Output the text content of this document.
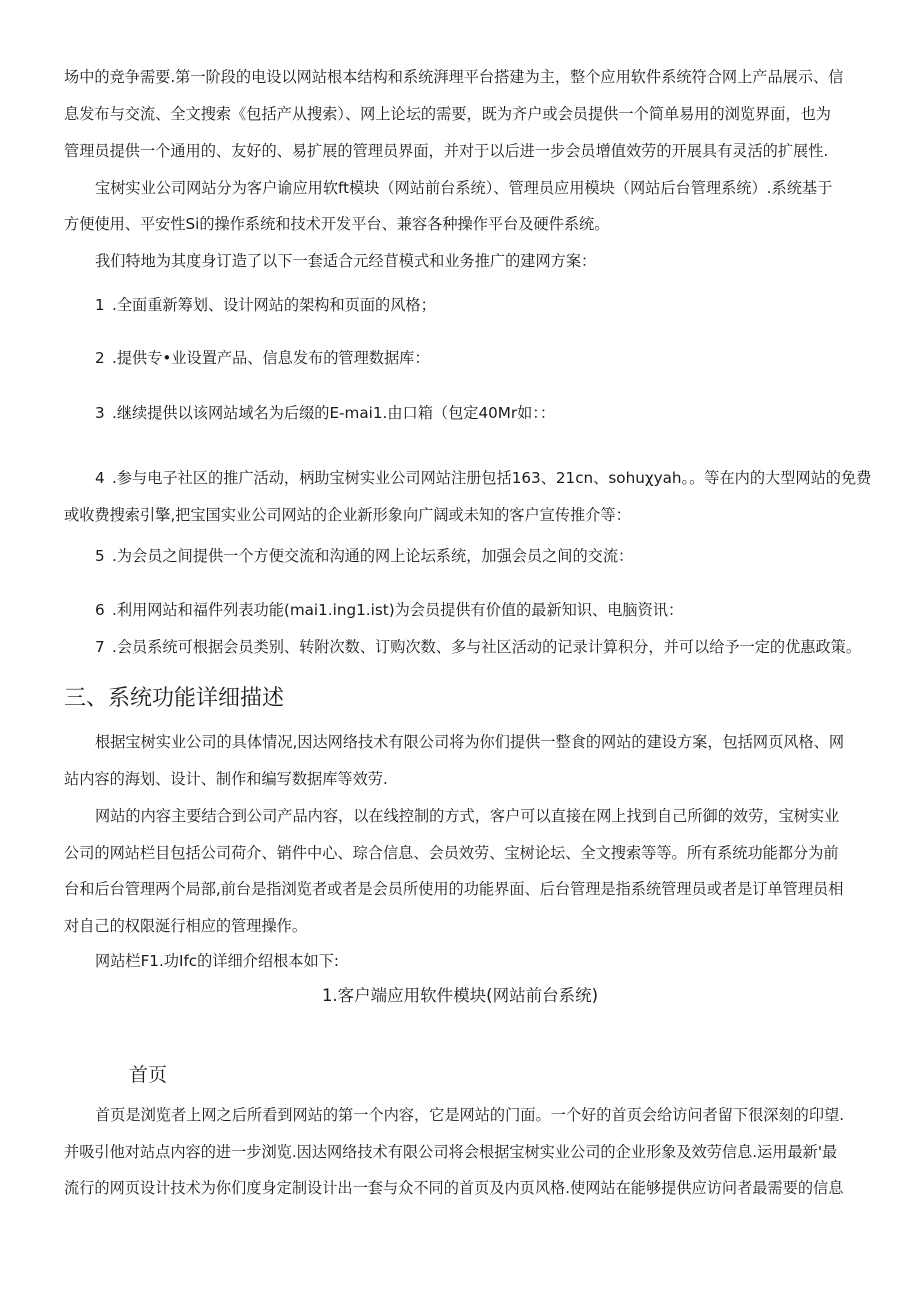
场中的竞争需要.第一阶段的电设以网站根本结构和系统湃理平台搭建为主，整个应用软件系统符合网上产品展示、信

息发布与交流、全文搜索《包括产从搜索）、网上论坛的需要，既为齐户或会员提供一个简单易用的浏览界面，也为

管理员提供一个通用的、友好的、易扩展的管理员界面，并对于以后进一步会员增值效劳的开展具有灵活的扩展性.

宝树实业公司网站分为客户谕应用软ft模块（网站前台系统）、管理员应用模块（网站后台管理系统）.系统基于

方便使用、平安性Si的操作系统和技术开发平台、兼容各种操作平台及硬件系统。

我们特地为其度身订造了以下一套适合元经苜模式和业务推广的建网方案：

1 .全面重新筹划、设计网站的架构和页面的风格；

2 .提供专•业设置产品、信息发布的管理数据库：

3 .继续提供以该网站域名为后缀的E-mai1.由口箱（包定40Mr如：：

4 .参与电子社区的推广活动，柄助宝树实业公司网站注册包括163、21cn、sohuχyah。。等在内的大型网站的免费

或收费搜索引擎,把宝国实业公司网站的企业新形象向广阔或未知的客户宣传推介等：

5 .为会员之间提供一个方便交流和沟通的网上论坛系统，加强会员之间的交流：

6 .利用网站和福件列表功能(mai1.ing1.ist)为会员提供有价值的最新知识、电脑资讯：

7 .会员系统可根据会员类别、转附次数、订购次数、多与社区活动的记录计算积分，并可以给予一定的优惠政策。

三、系统功能详细描述

根据宝树实业公司的具体情况,因达网络技术有限公司将为你们提供一整食的网站的建设方案，包括网页风格、网

站内容的海划、设计、制作和编写数据库等效劳.

网站的内容主要结合到公司产品内容，以在线控制的方式，客户可以直接在网上找到自己所御的效劳，宝树实业

公司的网站栏目包括公司荷介、销件中心、琮合信息、会员效劳、宝树论坛、全文搜索等等。所有系统功能都分为前

台和后台管理两个局部,前台是指浏览者或者是会员所使用的功能界面、后台管理是指系统管理员或者是订单管理员相

对自己的权限涎行相应的管理操作。

网站栏F1.功Ifc的详细介绍根本如下:

1.客户端应用软件模块(网站前台系统)
首页

首页是浏览者上网之后所看到网站的第一个内容，它是网站的门面。一个好的首页会给访问者留下很深刻的印望.

并吸引他对站点内容的进一步浏览.因达网络技术有限公司将会根据宝树实业公司的企业形象及效劳信息.运用最新'最

流行的网页设计技术为你们度身定制设计出一套与众不同的首页及内页风格.使网站在能够提供应访问者最需要的信息
